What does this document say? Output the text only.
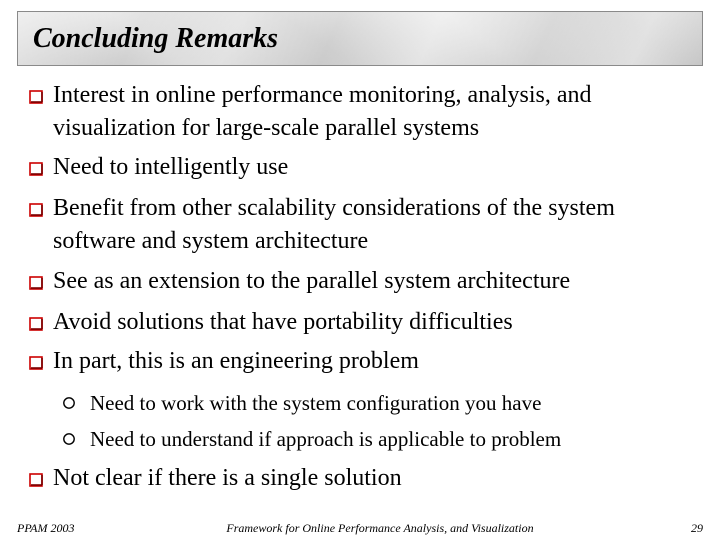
Concluding Remarks
Interest in online performance monitoring, analysis, and visualization for large-scale parallel systems
Need to intelligently use
Benefit from other scalability considerations of the system software and system architecture
See as an extension to the parallel system architecture
Avoid solutions that have portability difficulties
In part, this is an engineering problem
Need to work with the system configuration you have
Need to understand if approach is applicable to problem
Not clear if there is a single solution
PPAM 2003	Framework for Online Performance Analysis, and Visualization	29
